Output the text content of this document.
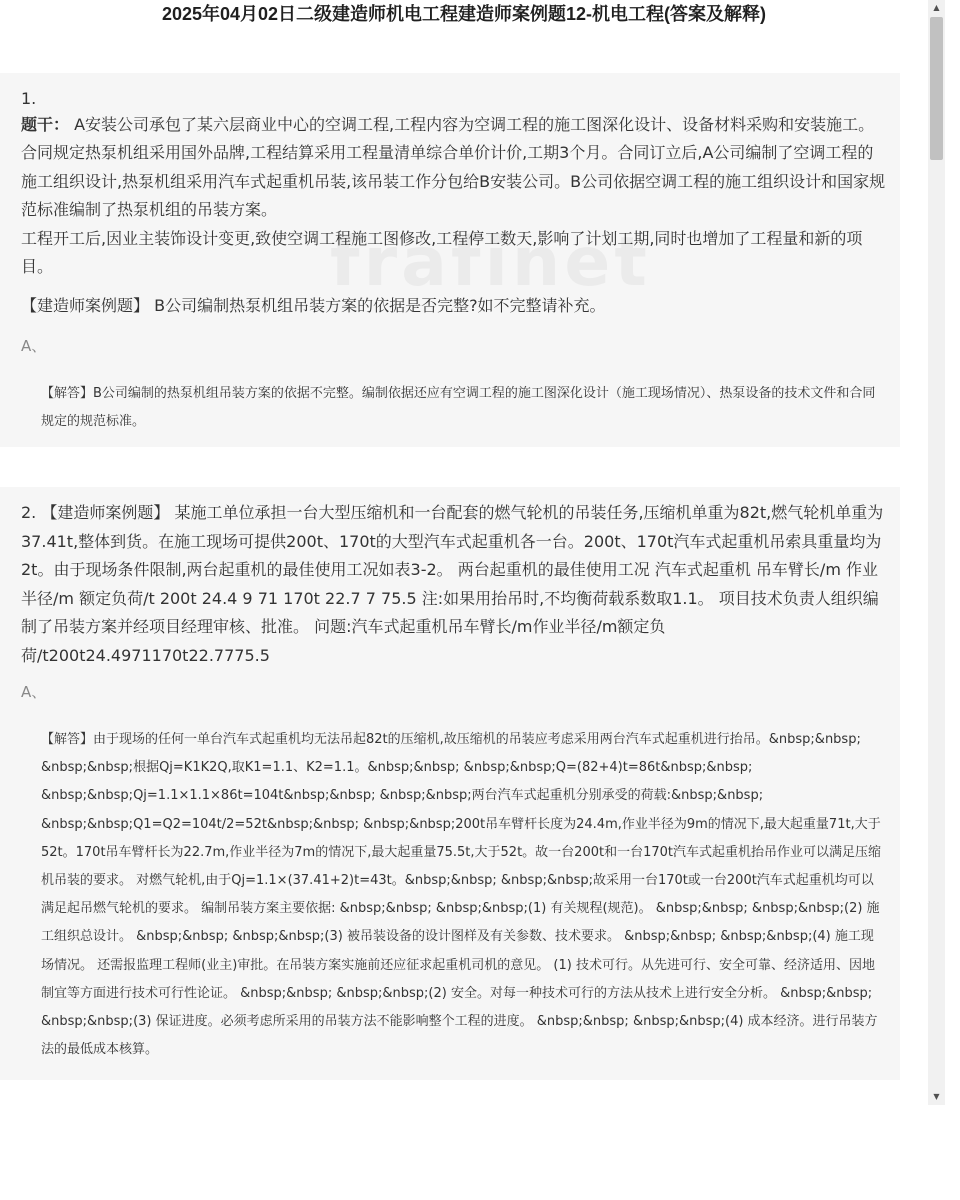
2025年04月02日二级建造师机电工程建造师案例题12-机电工程(答案及解释)

1.

题干： A安装公司承包了某六层商业中心的空调工程,工程内容为空调工程的施工图深化设计、设备材料采购和安装施工。合同规定热泵机组采用国外品牌,工程结算采用工程量清单综合单价计价,工期3个月。合同订立后,A公司编制了空调工程的施工组织设计,热泵机组采用汽车式起重机吊装,该吊装工作分包给B安装公司。B公司依据空调工程的施工组织设计和国家规范标准编制了热泵机组的吊装方案。
工程开工后,因业主装饰设计变更,致使空调工程施工图修改,工程停工数天,影响了计划工期,同时也增加了工程量和新的项目。

【建造师案例题】 B公司编制热泵机组吊装方案的依据是否完整?如不完整请补充。

A、

【解答】B公司编制的热泵机组吊装方案的依据不完整。编制依据还应有空调工程的施工图深化设计（施工现场情况）、热泵设备的技术文件和合同规定的规范标准。

2. 【建造师案例题】 某施工单位承担一台大型压缩机和一台配套的燃气轮机的吊装任务,压缩机单重为82t,燃气轮机单重为37.41t,整体到货。在施工现场可提供200t、170t的大型汽车式起重机各一台。200t、170t汽车式起重机吊索具重量均为2t。由于现场条件限制,两台起重机的最佳使用工况如表3-2。 两台起重机的最佳使用工况 汽车式起重机 吊车臂长/m 作业半径/m 额定负荷/t 200t 24.4 9 71 170t 22.7 7 75.5 注:如果用抬吊时,不均衡荷载系数取1.1。 项目技术负责人组织编制了吊装方案并经项目经理审核、批准。 问题:汽车式起重机吊车臂长/m作业半径/m额定负荷/t200t24.4971170t22.7775.5

A、

【解答】由于现场的任何一单台汽车式起重机均无法吊起82t的压缩机,故压缩机的吊装应考虑采用两台汽车式起重机进行抬吊。&nbsp;&nbsp; &nbsp;&nbsp;根据Qj=K1K2Q,取K1=1.1、K2=1.1。&nbsp;&nbsp; &nbsp;&nbsp;Q=(82+4)t=86t&nbsp;&nbsp; &nbsp;&nbsp;Qj=1.1×1.1×86t=104t&nbsp;&nbsp; &nbsp;&nbsp;两台汽车式起重机分别承受的荷载:&nbsp;&nbsp; &nbsp;&nbsp;Q1=Q2=104t/2=52t&nbsp;&nbsp; &nbsp;&nbsp;200t吊车臂杆长度为24.4m,作业半径为9m的情况下,最大起重量71t,大于52t。170t吊车臂杆长为22.7m,作业半径为7m的情况下,最大起重量75.5t,大于52t。故一台200t和一台170t汽车式起重机抬吊作业可以满足压缩机吊装的要求。 对燃气轮机,由于Qj=1.1×(37.41+2)t=43t。&nbsp;&nbsp; &nbsp;&nbsp;故采用一台170t或一台200t汽车式起重机均可以满足起吊燃气轮机的要求。 编制吊装方案主要依据: &nbsp;&nbsp; &nbsp;&nbsp;(1) 有关规程(规范)。 &nbsp;&nbsp; &nbsp;&nbsp;(2) 施工组织总设计。 &nbsp;&nbsp; &nbsp;&nbsp;(3) 被吊装设备的设计图样及有关参数、技术要求。 &nbsp;&nbsp; &nbsp;&nbsp;(4) 施工现场情况。 还需报监理工程师(业主)审批。在吊装方案实施前还应征求起重机司机的意见。 (1) 技术可行。从先进可行、安全可靠、经济适用、因地制宜等方面进行技术可行性论证。 &nbsp;&nbsp; &nbsp;&nbsp;(2) 安全。对每一种技术可行的方法从技术上进行安全分析。 &nbsp;&nbsp; &nbsp;&nbsp;(3) 保证进度。必须考虑所采用的吊装方法不能影响整个工程的进度。 &nbsp;&nbsp; &nbsp;&nbsp;(4) 成本经济。进行吊装方法的最低成本核算。

▲
▼
